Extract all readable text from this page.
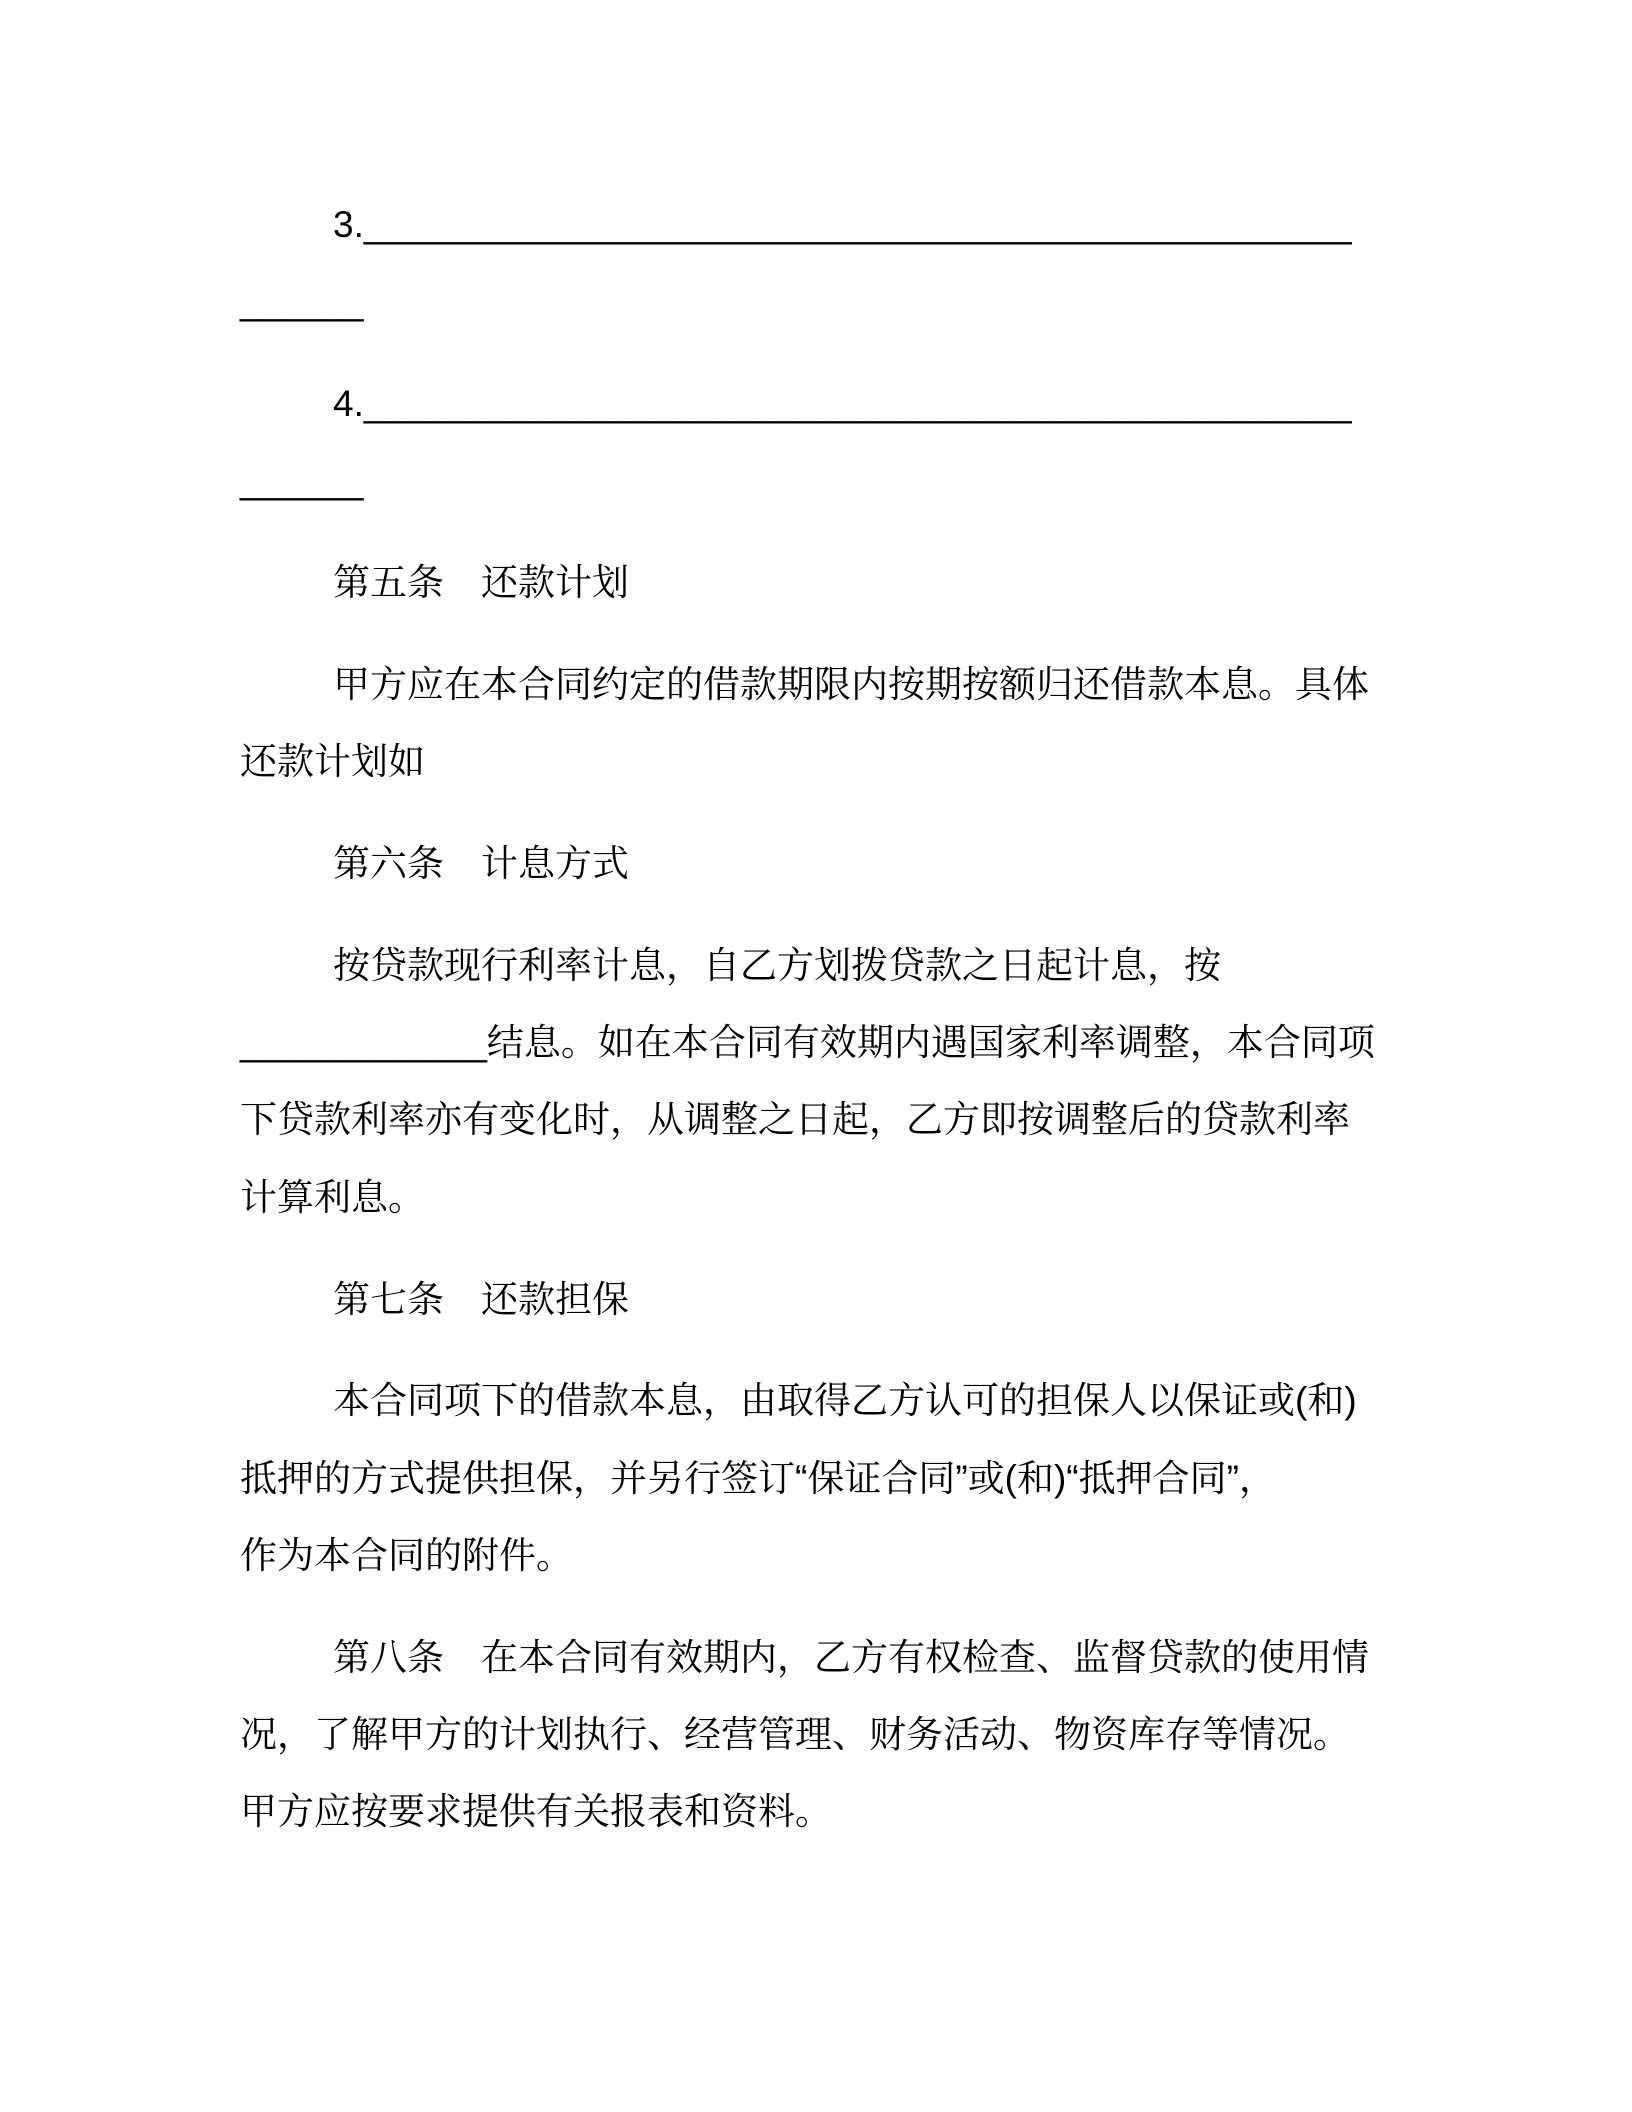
3.________________________________________________
______

4.________________________________________________
______

第五条　还款计划

甲方应在本合同约定的借款期限内按期按额归还借款本息。具体
还款计划如

第六条　计息方式

按贷款现行利率计息，自乙方划拨贷款之日起计息，按
____________结息。如在本合同有效期内遇国家利率调整，本合同项
下贷款利率亦有变化时，从调整之日起，乙方即按调整后的贷款利率
计算利息。

第七条　还款担保

本合同项下的借款本息，由取得乙方认可的担保人以保证或(和)
抵押的方式提供担保，并另行签订“保证合同”或(和)“抵押合同”，
作为本合同的附件。

第八条　在本合同有效期内，乙方有权检查、监督贷款的使用情
况，了解甲方的计划执行、经营管理、财务活动、物资库存等情况。
甲方应按要求提供有关报表和资料。
